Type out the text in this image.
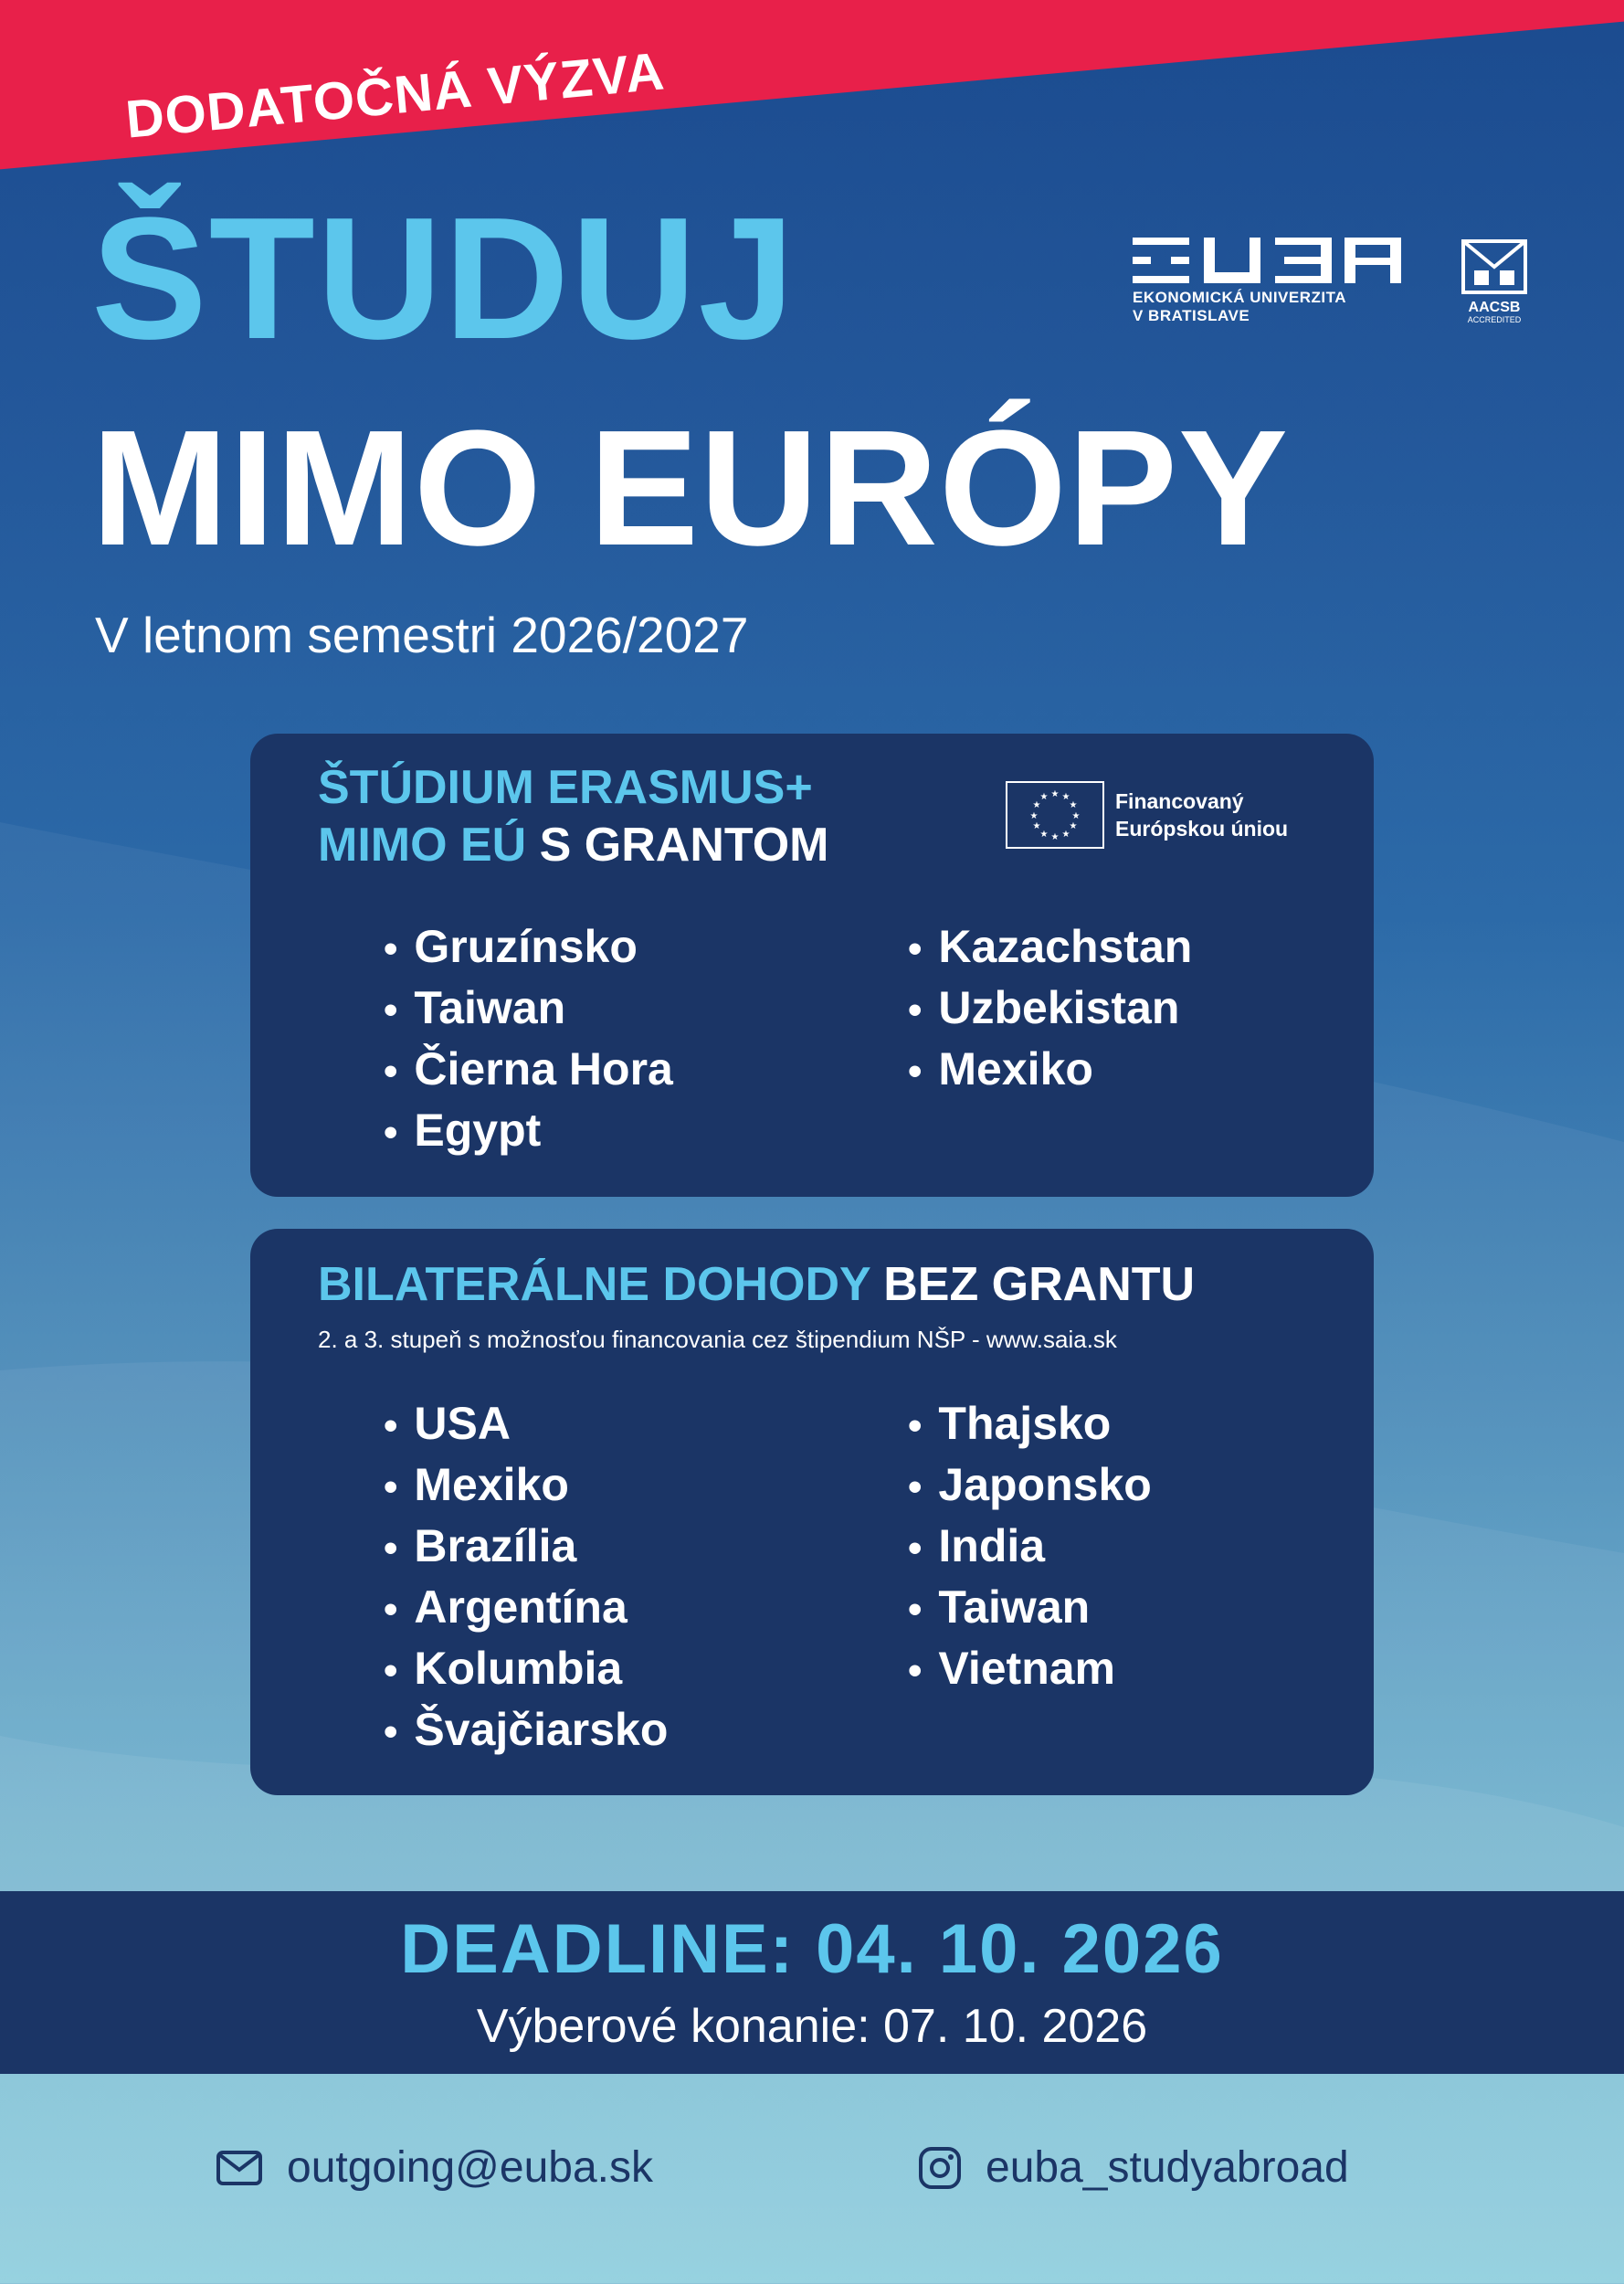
DODATOČNÁ VÝZVA
ŠTUDUJ
MIMO EURÓPY
V letnom semestri 2026/2027
EKONOMICKÁ UNIVERZITA
V BRATISLAVE	AACSB
ACCREDITED
ŠTÚDIUM ERASMUS+
MIMO EÚ S GRANTOM
★ ★
★
★
★
★
★
★
★
★
★
★	Financovaný
Európskou úniou
• Gruzínsko
• Taiwan
• Čierna Hora
• Egypt
• Kazachstan
• Uzbekistan
• Mexiko
BILATERÁLNE DOHODY BEZ GRANTU
2. a 3. stupeň s možnosťou financovania cez štipendium NŠP - www.saia.sk
• USA
• Mexiko
• Brazília
• Argentína
• Kolumbia
• Švajčiarsko
• Thajsko
• Japonsko
• India
• Taiwan
• Vietnam
DEADLINE: 04. 10. 2026
Výberové konanie: 07. 10. 2026
outgoing@euba.sk	euba_studyabroad
